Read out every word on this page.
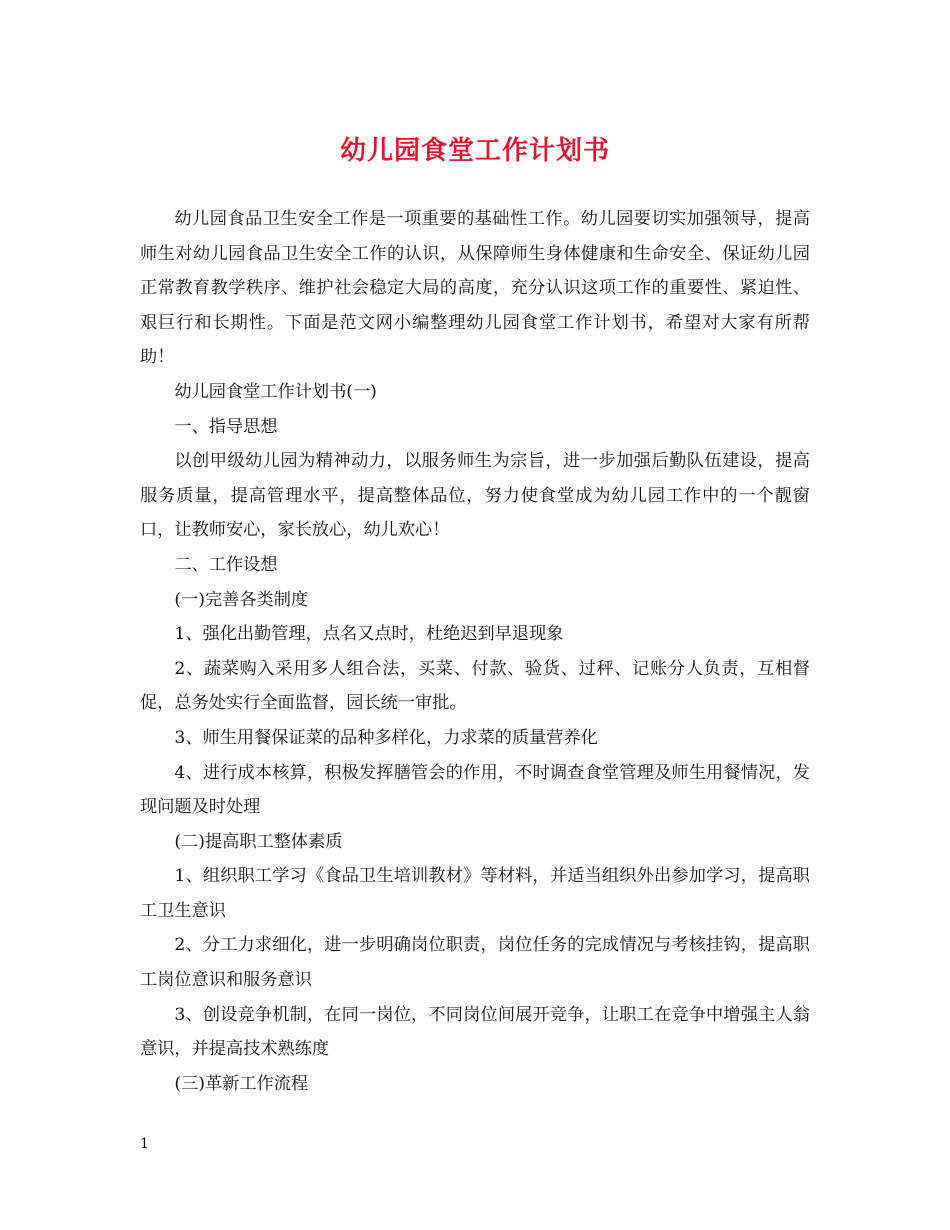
幼儿园食堂工作计划书

幼儿园食品卫生安全工作是一项重要的基础性工作。幼儿园要切实加强领导，提高师生对幼儿园食品卫生安全工作的认识，从保障师生身体健康和生命安全、保证幼儿园正常教育教学秩序、维护社会稳定大局的高度，充分认识这项工作的重要性、紧迫性、艰巨行和长期性。下面是范文网小编整理幼儿园食堂工作计划书，希望对大家有所帮助！

幼儿园食堂工作计划书(一)

一、指导思想

以创甲级幼儿园为精神动力，以服务师生为宗旨，进一步加强后勤队伍建设，提高服务质量，提高管理水平，提高整体品位，努力使食堂成为幼儿园工作中的一个靓窗口，让教师安心，家长放心，幼儿欢心！

二、工作设想

(一)完善各类制度

1、强化出勤管理，点名又点时，杜绝迟到早退现象

2、蔬菜购入采用多人组合法，买菜、付款、验货、过秤、记账分人负责，互相督促，总务处实行全面监督，园长统一审批。

3、师生用餐保证菜的品种多样化，力求菜的质量营养化

4、进行成本核算，积极发挥膳管会的作用，不时调查食堂管理及师生用餐情况，发现问题及时处理

(二)提高职工整体素质

1、组织职工学习《食品卫生培训教材》等材料，并适当组织外出参加学习，提高职工卫生意识

2、分工力求细化，进一步明确岗位职责，岗位任务的完成情况与考核挂钩，提高职工岗位意识和服务意识

3、创设竞争机制，在同一岗位，不同岗位间展开竞争，让职工在竞争中增强主人翁意识，并提高技术熟练度

(三)革新工作流程

1
